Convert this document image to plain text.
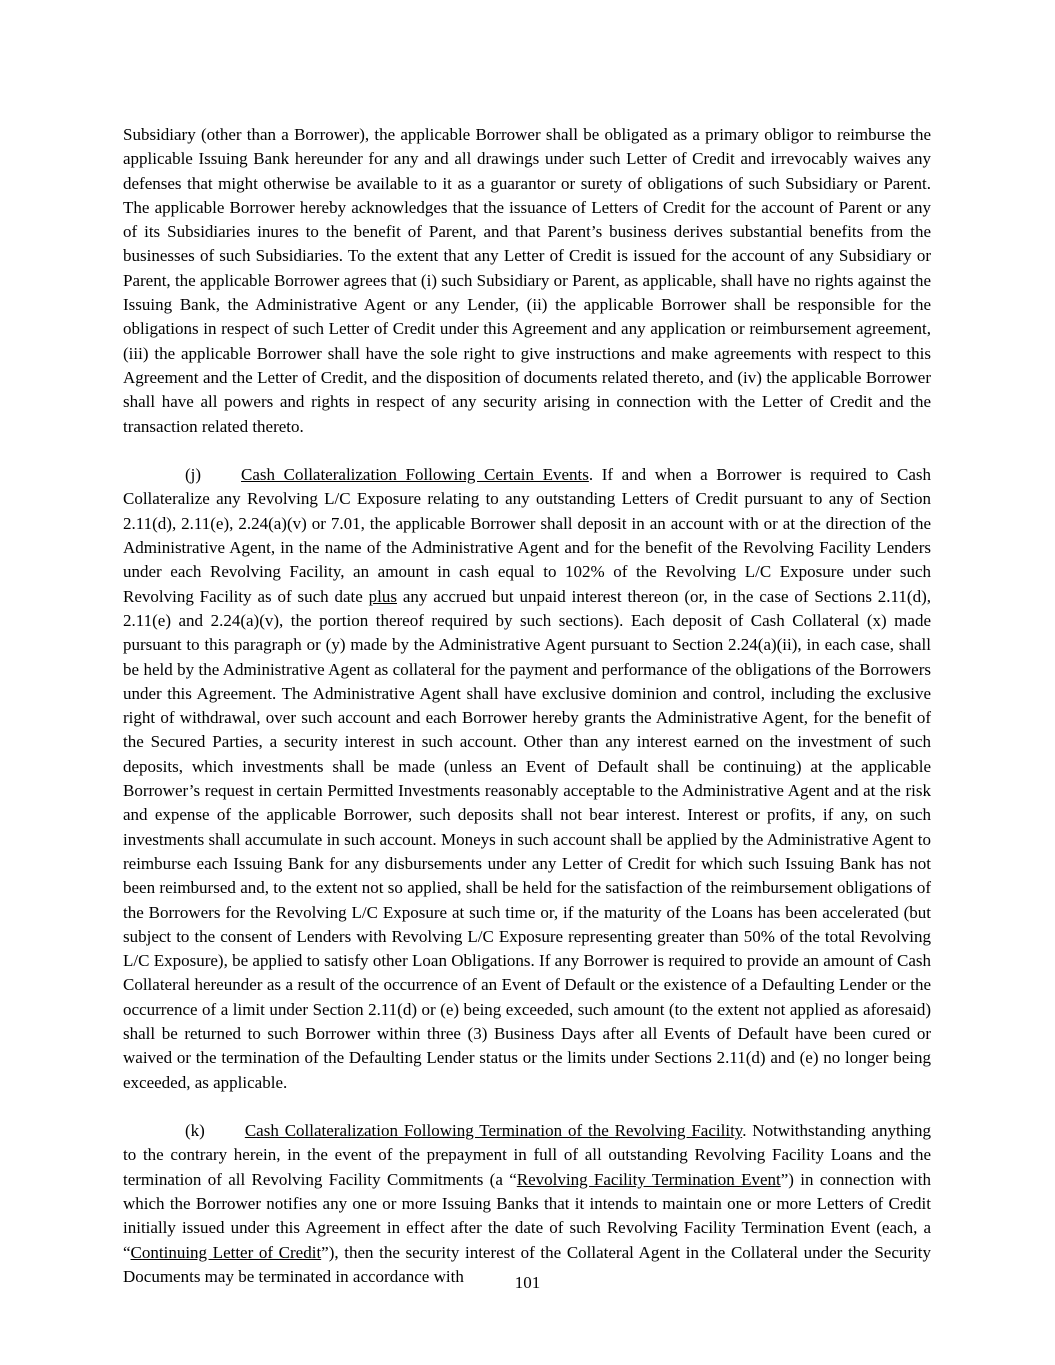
Subsidiary (other than a Borrower), the applicable Borrower shall be obligated as a primary obligor to reimburse the applicable Issuing Bank hereunder for any and all drawings under such Letter of Credit and irrevocably waives any defenses that might otherwise be available to it as a guarantor or surety of obligations of such Subsidiary or Parent. The applicable Borrower hereby acknowledges that the issuance of Letters of Credit for the account of Parent or any of its Subsidiaries inures to the benefit of Parent, and that Parent’s business derives substantial benefits from the businesses of such Subsidiaries. To the extent that any Letter of Credit is issued for the account of any Subsidiary or Parent, the applicable Borrower agrees that (i) such Subsidiary or Parent, as applicable, shall have no rights against the Issuing Bank, the Administrative Agent or any Lender, (ii) the applicable Borrower shall be responsible for the obligations in respect of such Letter of Credit under this Agreement and any application or reimbursement agreement, (iii) the applicable Borrower shall have the sole right to give instructions and make agreements with respect to this Agreement and the Letter of Credit, and the disposition of documents related thereto, and (iv) the applicable Borrower shall have all powers and rights in respect of any security arising in connection with the Letter of Credit and the transaction related thereto.

(j) Cash Collateralization Following Certain Events. If and when a Borrower is required to Cash Collateralize any Revolving L/C Exposure relating to any outstanding Letters of Credit pursuant to any of Section 2.11(d), 2.11(e), 2.24(a)(v) or 7.01, the applicable Borrower shall deposit in an account with or at the direction of the Administrative Agent, in the name of the Administrative Agent and for the benefit of the Revolving Facility Lenders under each Revolving Facility, an amount in cash equal to 102% of the Revolving L/C Exposure under such Revolving Facility as of such date plus any accrued but unpaid interest thereon (or, in the case of Sections 2.11(d), 2.11(e) and 2.24(a)(v), the portion thereof required by such sections). Each deposit of Cash Collateral (x) made pursuant to this paragraph or (y) made by the Administrative Agent pursuant to Section 2.24(a)(ii), in each case, shall be held by the Administrative Agent as collateral for the payment and performance of the obligations of the Borrowers under this Agreement. The Administrative Agent shall have exclusive dominion and control, including the exclusive right of withdrawal, over such account and each Borrower hereby grants the Administrative Agent, for the benefit of the Secured Parties, a security interest in such account. Other than any interest earned on the investment of such deposits, which investments shall be made (unless an Event of Default shall be continuing) at the applicable Borrower’s request in certain Permitted Investments reasonably acceptable to the Administrative Agent and at the risk and expense of the applicable Borrower, such deposits shall not bear interest. Interest or profits, if any, on such investments shall accumulate in such account. Moneys in such account shall be applied by the Administrative Agent to reimburse each Issuing Bank for any disbursements under any Letter of Credit for which such Issuing Bank has not been reimbursed and, to the extent not so applied, shall be held for the satisfaction of the reimbursement obligations of the Borrowers for the Revolving L/C Exposure at such time or, if the maturity of the Loans has been accelerated (but subject to the consent of Lenders with Revolving L/C Exposure representing greater than 50% of the total Revolving L/C Exposure), be applied to satisfy other Loan Obligations. If any Borrower is required to provide an amount of Cash Collateral hereunder as a result of the occurrence of an Event of Default or the existence of a Defaulting Lender or the occurrence of a limit under Section 2.11(d) or (e) being exceeded, such amount (to the extent not applied as aforesaid) shall be returned to such Borrower within three (3) Business Days after all Events of Default have been cured or waived or the termination of the Defaulting Lender status or the limits under Sections 2.11(d) and (e) no longer being exceeded, as applicable.

(k) Cash Collateralization Following Termination of the Revolving Facility. Notwithstanding anything to the contrary herein, in the event of the prepayment in full of all outstanding Revolving Facility Loans and the termination of all Revolving Facility Commitments (a “Revolving Facility Termination Event”) in connection with which the Borrower notifies any one or more Issuing Banks that it intends to maintain one or more Letters of Credit initially issued under this Agreement in effect after the date of such Revolving Facility Termination Event (each, a “Continuing Letter of Credit”), then the security interest of the Collateral Agent in the Collateral under the Security Documents may be terminated in accordance with	101
